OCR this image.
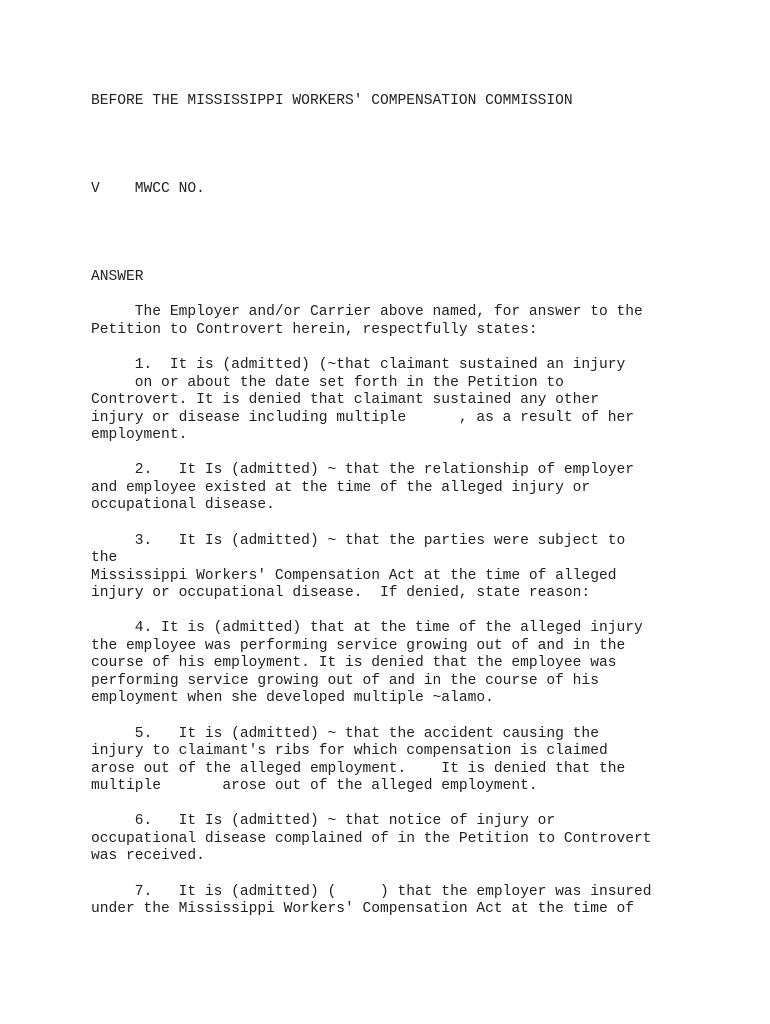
BEFORE THE MISSISSIPPI WORKERS' COMPENSATION COMMISSION
V    MWCC NO.
ANSWER
The Employer and/or Carrier above named, for answer to the
Petition to Controvert herein, respectfully states:
1.  It is (admitted) (~that claimant sustained an injury
on or about the date set forth in the Petition to
Controvert. It is denied that claimant sustained any other
injury or disease including multiple      , as a result of her
employment.
2.   It Is (admitted) ~ that the relationship of employer
and employee existed at the time of the alleged injury or
occupational disease.
3.   It Is (admitted) ~ that the parties were subject to
the
Mississippi Workers' Compensation Act at the time of alleged
injury or occupational disease.  If denied, state reason:
4. It is (admitted) that at the time of the alleged injury
the employee was performing service growing out of and in the
course of his employment. It is denied that the employee was
performing service growing out of and in the course of his
employment when she developed multiple ~alamo.
5.   It is (admitted) ~ that the accident causing the
injury to claimant's ribs for which compensation is claimed
arose out of the alleged employment.    It is denied that the
multiple       arose out of the alleged employment.
6.   It Is (admitted) ~ that notice of injury or
occupational disease complained of in the Petition to Controvert
was received.
7.   It is (admitted) (     ) that the employer was insured
under the Mississippi Workers' Compensation Act at the time of
